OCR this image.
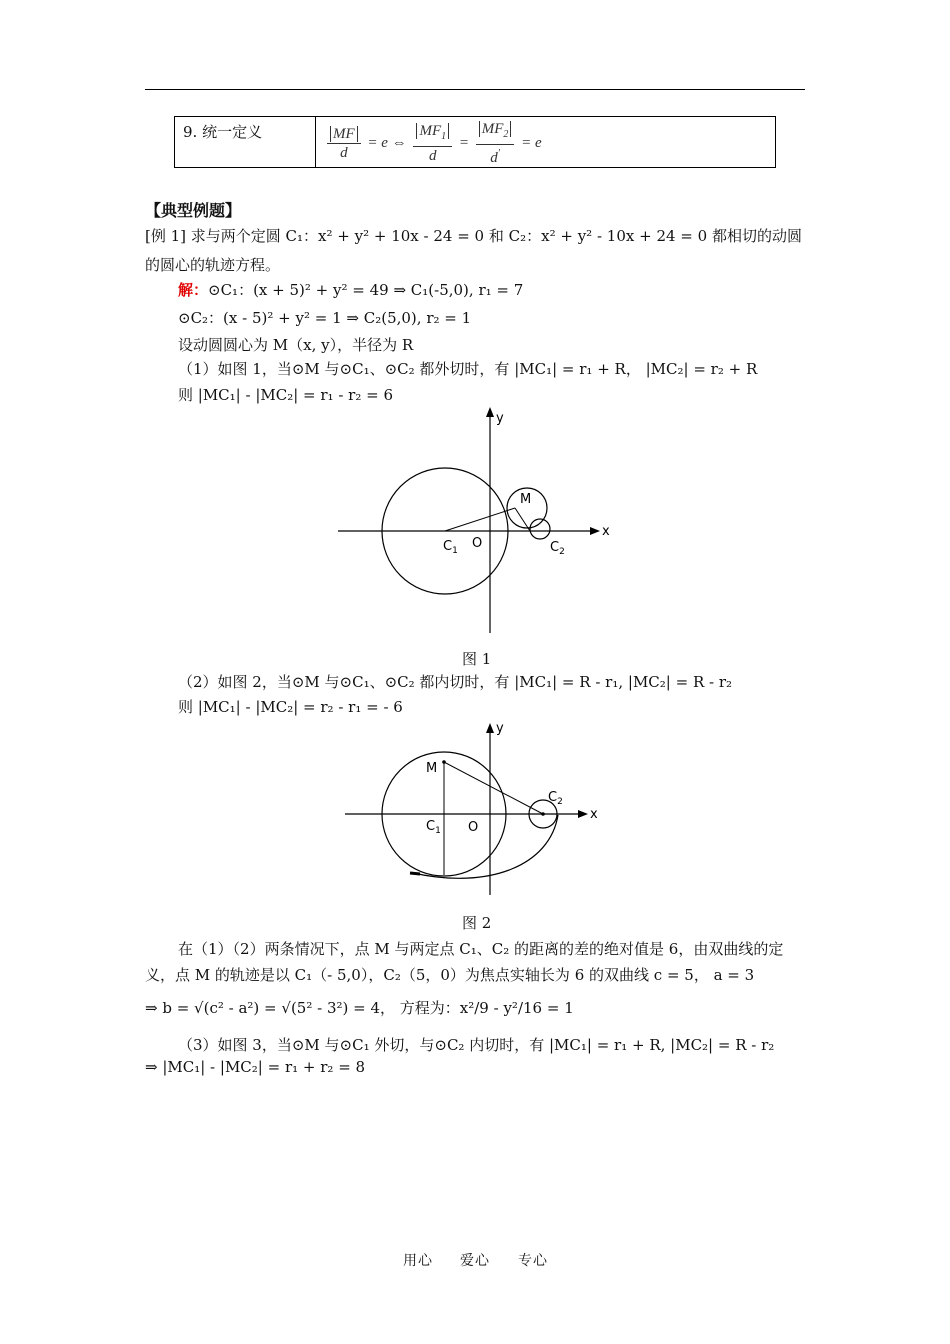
9. 统一定义	$\frac{MF}{d} = e$ ⇔ $\frac{MF_1}{d} = \frac{MF_2}{d'} = e$
【典型例题】
[例 1] 求与两个定圆 C₁：x² + y² + 10x - 24 = 0 和 C₂：x² + y² - 10x + 24 = 0 都相切的动圆
的圆心的轨迹方程。
解：⊙C₁：(x + 5)² + y² = 49 ⇒ C₁(-5,0), r₁ = 7
⊙C₂：(x - 5)² + y² = 1 ⇒ C₂(5,0), r₂ = 1
设动圆圆心为 M（x, y），半径为 R
（1）如图 1，当⊙M 与⊙C₁、⊙C₂ 都外切时，有 |MC₁| = r₁ + R， |MC₂| = r₂ + R
则 |MC₁| - |MC₂| = r₁ - r₂ = 6
y
x
M
O
$C_1$	$C_2$
图 1
（2）如图 2，当⊙M 与⊙C₁、⊙C₂ 都内切时，有 |MC₁| = R - r₁, |MC₂| = R - r₂
则 |MC₁| - |MC₂| = r₂ - r₁ = - 6
y
x
M
O
$C_1$
$C_2$
图 2
在（1）（2）两条情况下，点 M 与两定点 C₁、C₂ 的距离的差的绝对值是 6，由双曲线的定
义，点 M 的轨迹是以 C₁（- 5,0），C₂（5，0）为焦点实轴长为 6 的双曲线 c = 5， a = 3
⇒ b = √(c² - a²) = √(5² - 3²) = 4， 方程为：x²/9 - y²/16 = 1
（3）如图 3，当⊙M 与⊙C₁ 外切，与⊙C₂ 内切时，有 |MC₁| = r₁ + R, |MC₂| = R - r₂
⇒ |MC₁| - |MC₂| = r₁ + r₂ = 8
用心 爱心 专心
